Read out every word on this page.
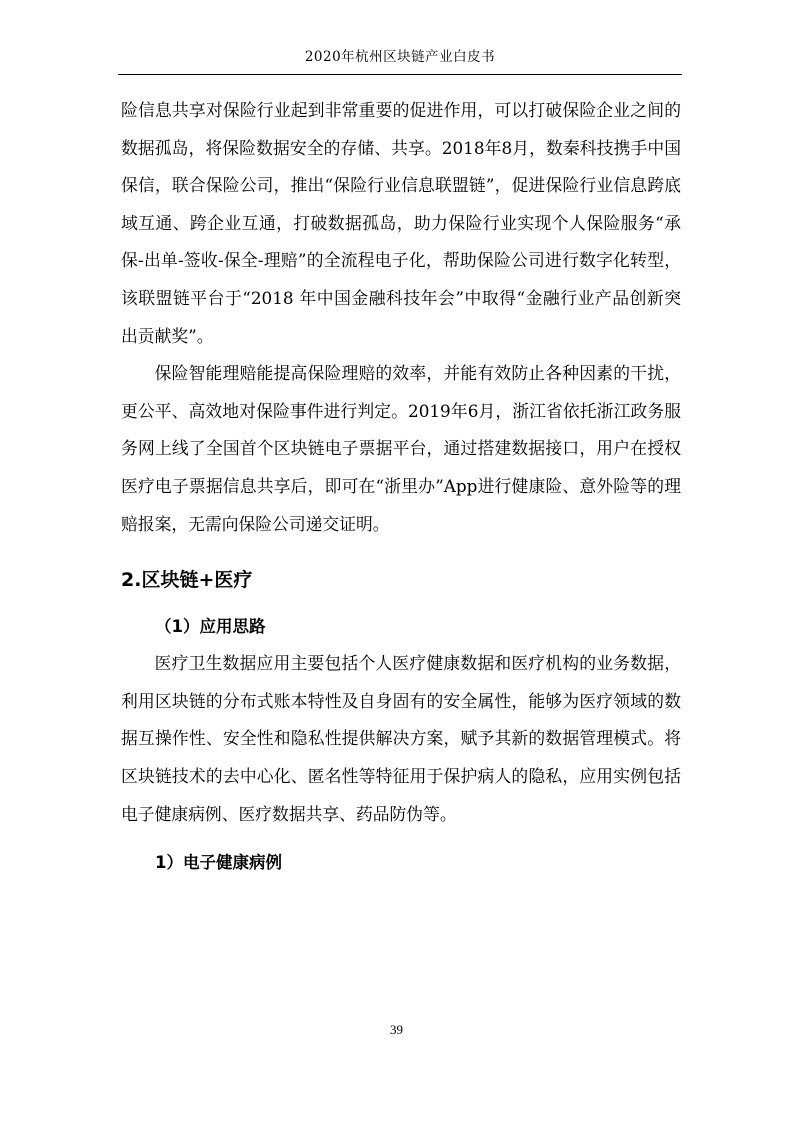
2020年杭州区块链产业白皮书

险信息共享对保险行业起到非常重要的促进作用，可以打破保险企业之间的数据孤岛，将保险数据安全的存储、共享。2018年8月，数秦科技携手中国保信，联合保险公司，推出“保险行业信息联盟链”，促进保险行业信息跨底域互通、跨企业互通，打破数据孤岛，助力保险行业实现个人保险服务“承保-出单-签收-保全-理赔”的全流程电子化，帮助保险公司进行数字化转型，该联盟链平台于“2018 年中国金融科技年会”中取得“金融行业产品创新突出贡献奖”。

保险智能理赔能提高保险理赔的效率，并能有效防止各种因素的干扰，更公平、高效地对保险事件进行判定。2019年6月，浙江省依托浙江政务服务网上线了全国首个区块链电子票据平台，通过搭建数据接口，用户在授权医疗电子票据信息共享后，即可在“浙里办”App进行健康险、意外险等的理赔报案，无需向保险公司递交证明。

2.区块链+医疗
（1）应用思路

医疗卫生数据应用主要包括个人医疗健康数据和医疗机构的业务数据，利用区块链的分布式账本特性及自身固有的安全属性，能够为医疗领域的数据互操作性、安全性和隐私性提供解决方案，赋予其新的数据管理模式。将区块链技术的去中心化、匿名性等特征用于保护病人的隐私，应用实例包括电子健康病例、医疗数据共享、药品防伪等。

1）电子健康病例
39
